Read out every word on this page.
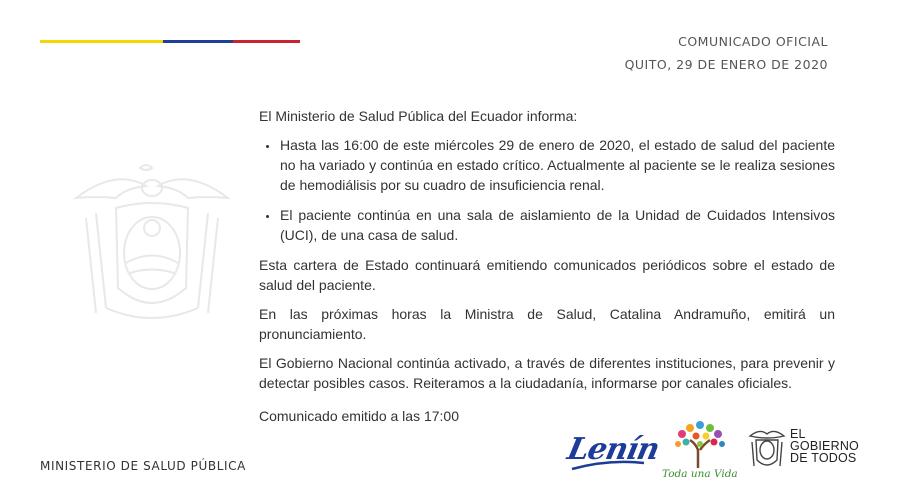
COMUNICADO OFICIAL
QUITO, 29 DE ENERO DE 2020

El Ministerio de Salud Pública del Ecuador informa:

• Hasta las 16:00 de este miércoles 29 de enero de 2020, el estado de salud del paciente no ha variado y continúa en estado crítico. Actualmente al paciente se le realiza sesiones de hemodiálisis por su cuadro de insuficiencia renal.
• El paciente continúa en una sala de aislamiento de la Unidad de Cuidados Intensivos (UCI), de una casa de salud.

Esta cartera de Estado continuará emitiendo comunicados periódicos sobre el estado de salud del paciente.

En las próximas horas la Ministra de Salud, Catalina Andramuño, emitirá un pronunciamiento.

El Gobierno Nacional continúa activado, a través de diferentes instituciones, para prevenir y detectar posibles casos. Reiteramos a la ciudadanía, informarse por canales oficiales.

Comunicado emitido a las 17:00

MINISTERIO DE SALUD PÚBLICA	Lenín
Toda una Vida
EL
GOBIERNO
DE TODOS
